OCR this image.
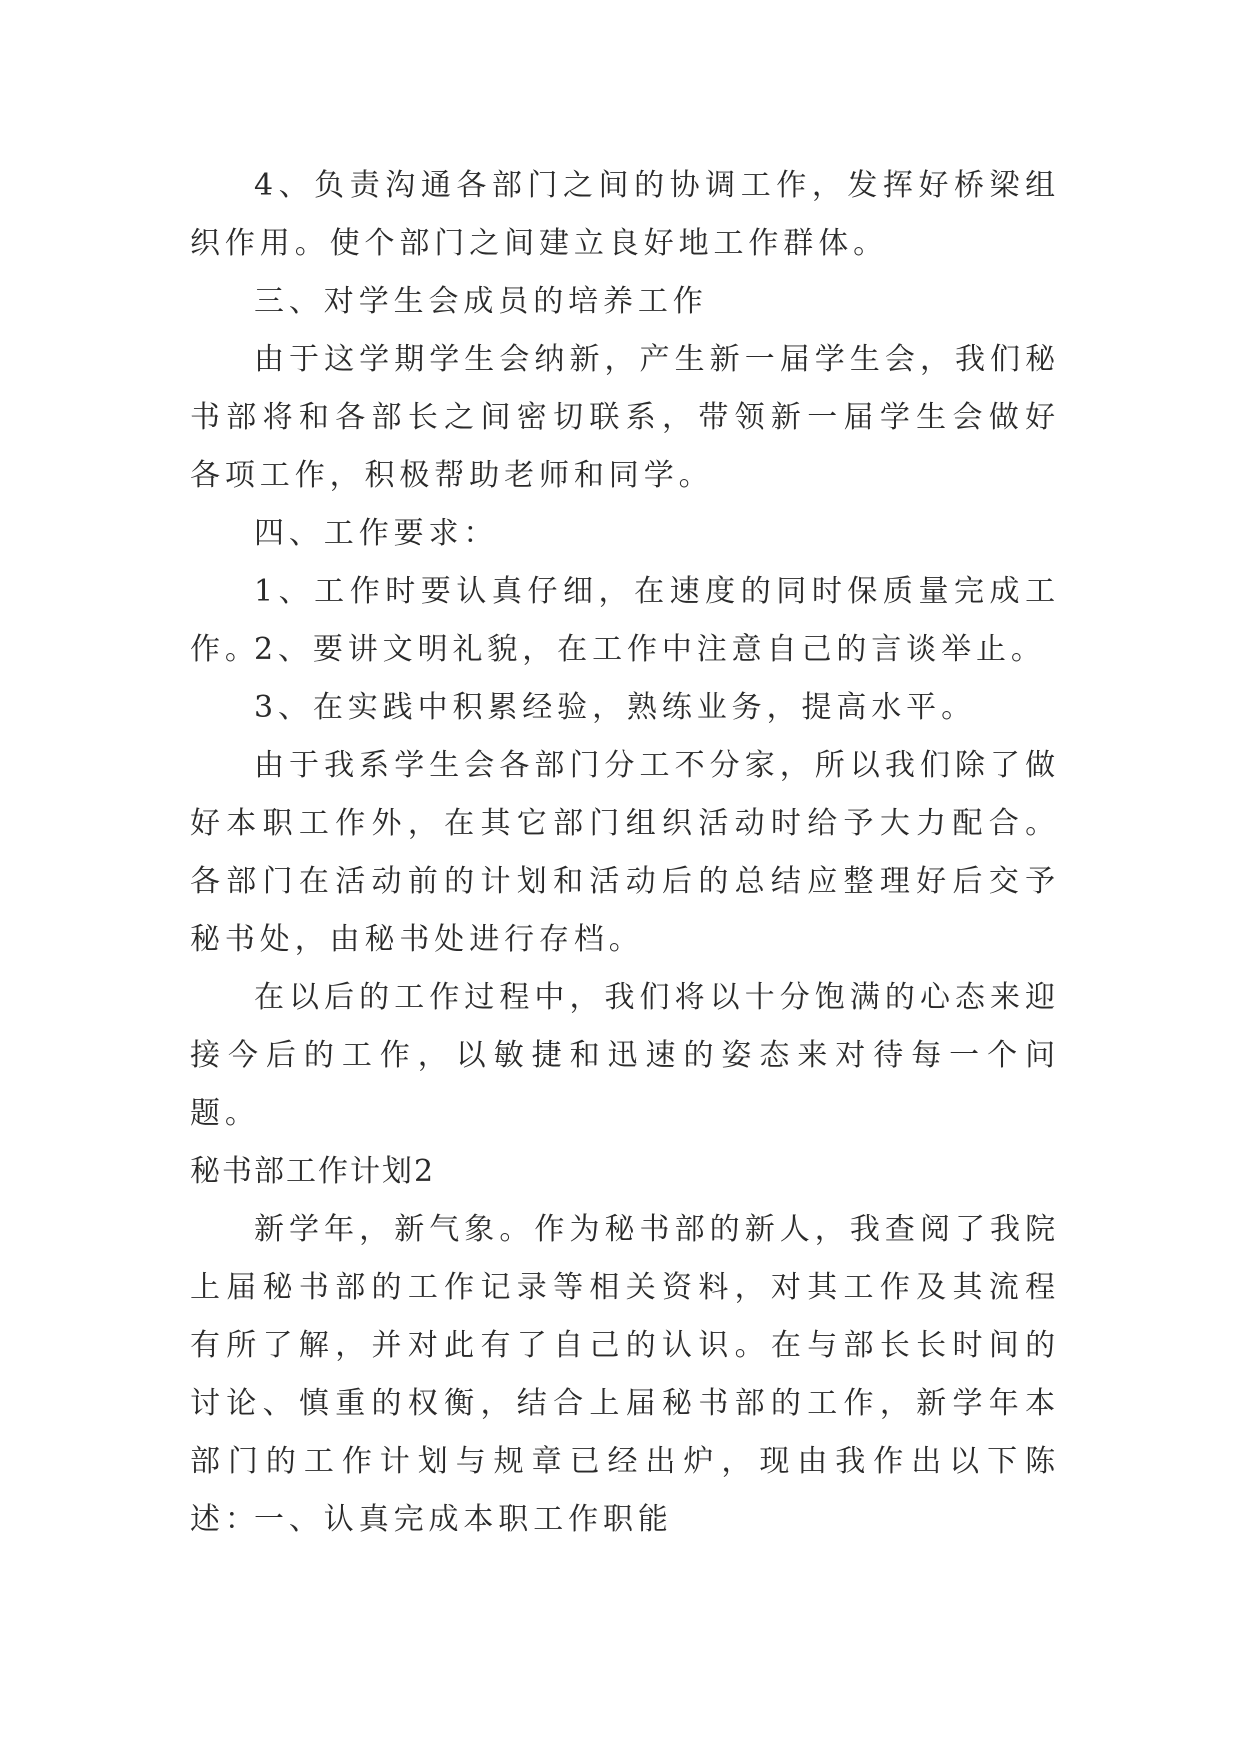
4、负责沟通各部门之间的协调工作，发挥好桥梁组织作用。使个部门之间建立良好地工作群体。

三、对学生会成员的培养工作

由于这学期学生会纳新，产生新一届学生会，我们秘书部将和各部长之间密切联系，带领新一届学生会做好各项工作，积极帮助老师和同学。

四、工作要求：

1、工作时要认真仔细，在速度的同时保质量完成工作。

2、要讲文明礼貌，在工作中注意自己的言谈举止。

3、在实践中积累经验，熟练业务，提高水平。

由于我系学生会各部门分工不分家，所以我们除了做好本职工作外，在其它部门组织活动时给予大力配合。各部门在活动前的计划和活动后的总结应整理好后交予秘书处，由秘书处进行存档。

在以后的工作过程中，我们将以十分饱满的心态来迎接今后的工作，以敏捷和迅速的姿态来对待每一个问题。

秘书部工作计划2

新学年，新气象。作为秘书部的新人，我查阅了我院上届秘书部的工作记录等相关资料，对其工作及其流程有所了解，并对此有了自己的认识。在与部长长时间的讨论、慎重的权衡，结合上届秘书部的工作，新学年本部门的工作计划与规章已经出炉，现由我作出以下陈述：

一、认真完成本职工作职能
